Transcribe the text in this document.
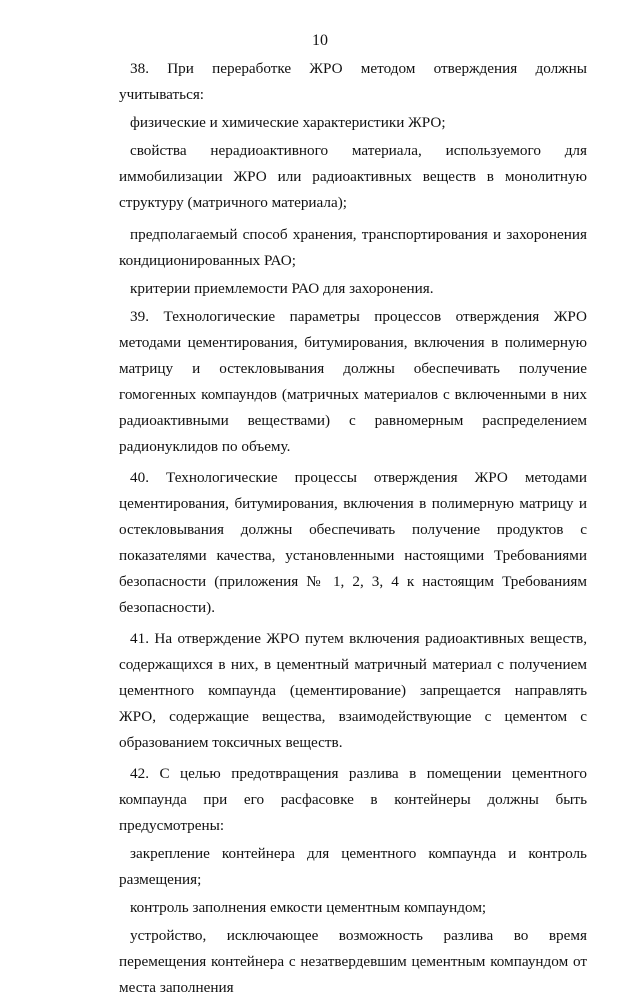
10

38. При переработке ЖРО методом отверждения должны учитываться:

физические и химические характеристики ЖРО;

свойства нерадиоактивного материала, используемого для иммобилизации ЖРО или радиоактивных веществ в монолитную структуру (матричного материала);

предполагаемый способ хранения, транспортирования и захоронения кондиционированных РАО;

критерии приемлемости РАО для захоронения.

39. Технологические параметры процессов отверждения ЖРО методами цементирования, битумирования, включения в полимерную матрицу и остекловывания должны обеспечивать получение гомогенных компаундов (матричных материалов с включенными в них радиоактивными веществами) с равномерным распределением радионуклидов по объему.

40. Технологические процессы отверждения ЖРО методами цементирования, битумирования, включения в полимерную матрицу и остекловывания должны обеспечивать получение продуктов с показателями качества, установленными настоящими Требованиями безопасности (приложения № 1, 2, 3, 4 к настоящим Требованиям безопасности).

41. На отверждение ЖРО путем включения радиоактивных веществ, содержащихся в них, в цементный матричный материал с получением цементного компаунда (цементирование) запрещается направлять ЖРО, содержащие вещества, взаимодействующие с цементом с образованием токсичных веществ.

42. С целью предотвращения разлива в помещении цементного компаунда при его расфасовке в контейнеры должны быть предусмотрены:

закрепление контейнера для цементного компаунда и контроль размещения;

контроль заполнения емкости цементным компаундом;

устройство, исключающее возможность разлива во время перемещения контейнера с незатвердевшим цементным компаундом от места заполнения
